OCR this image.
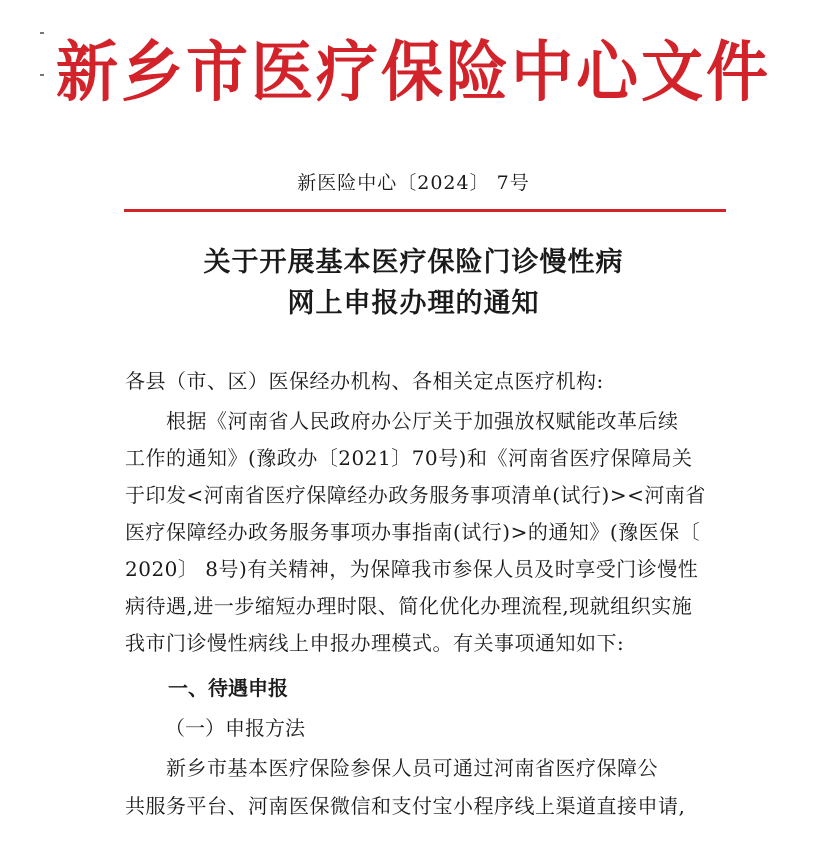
新乡市医疗保险中心文件
新医险中心〔2024〕 7号
关于开展基本医疗保险门诊慢性病
网上申报办理的通知
各县（市、区）医保经办机构、各相关定点医疗机构:
　　根据《河南省人民政府办公厅关于加强放权赋能改革后续
工作的通知》(豫政办〔2021〕70号)和《河南省医疗保障局关
于印发<河南省医疗保障经办政务服务事项清单(试行)><河南省
医疗保障经办政务服务事项办事指南(试行)>的通知》(豫医保〔
2020〕 8号)有关精神，为保障我市参保人员及时享受门诊慢性
病待遇,进一步缩短办理时限、简化优化办理流程,现就组织实施
我市门诊慢性病线上申报办理模式。有关事项通知如下:
一、待遇申报
（一）申报方法
　　新乡市基本医疗保险参保人员可通过河南省医疗保障公
共服务平台、河南医保微信和支付宝小程序线上渠道直接申请,
